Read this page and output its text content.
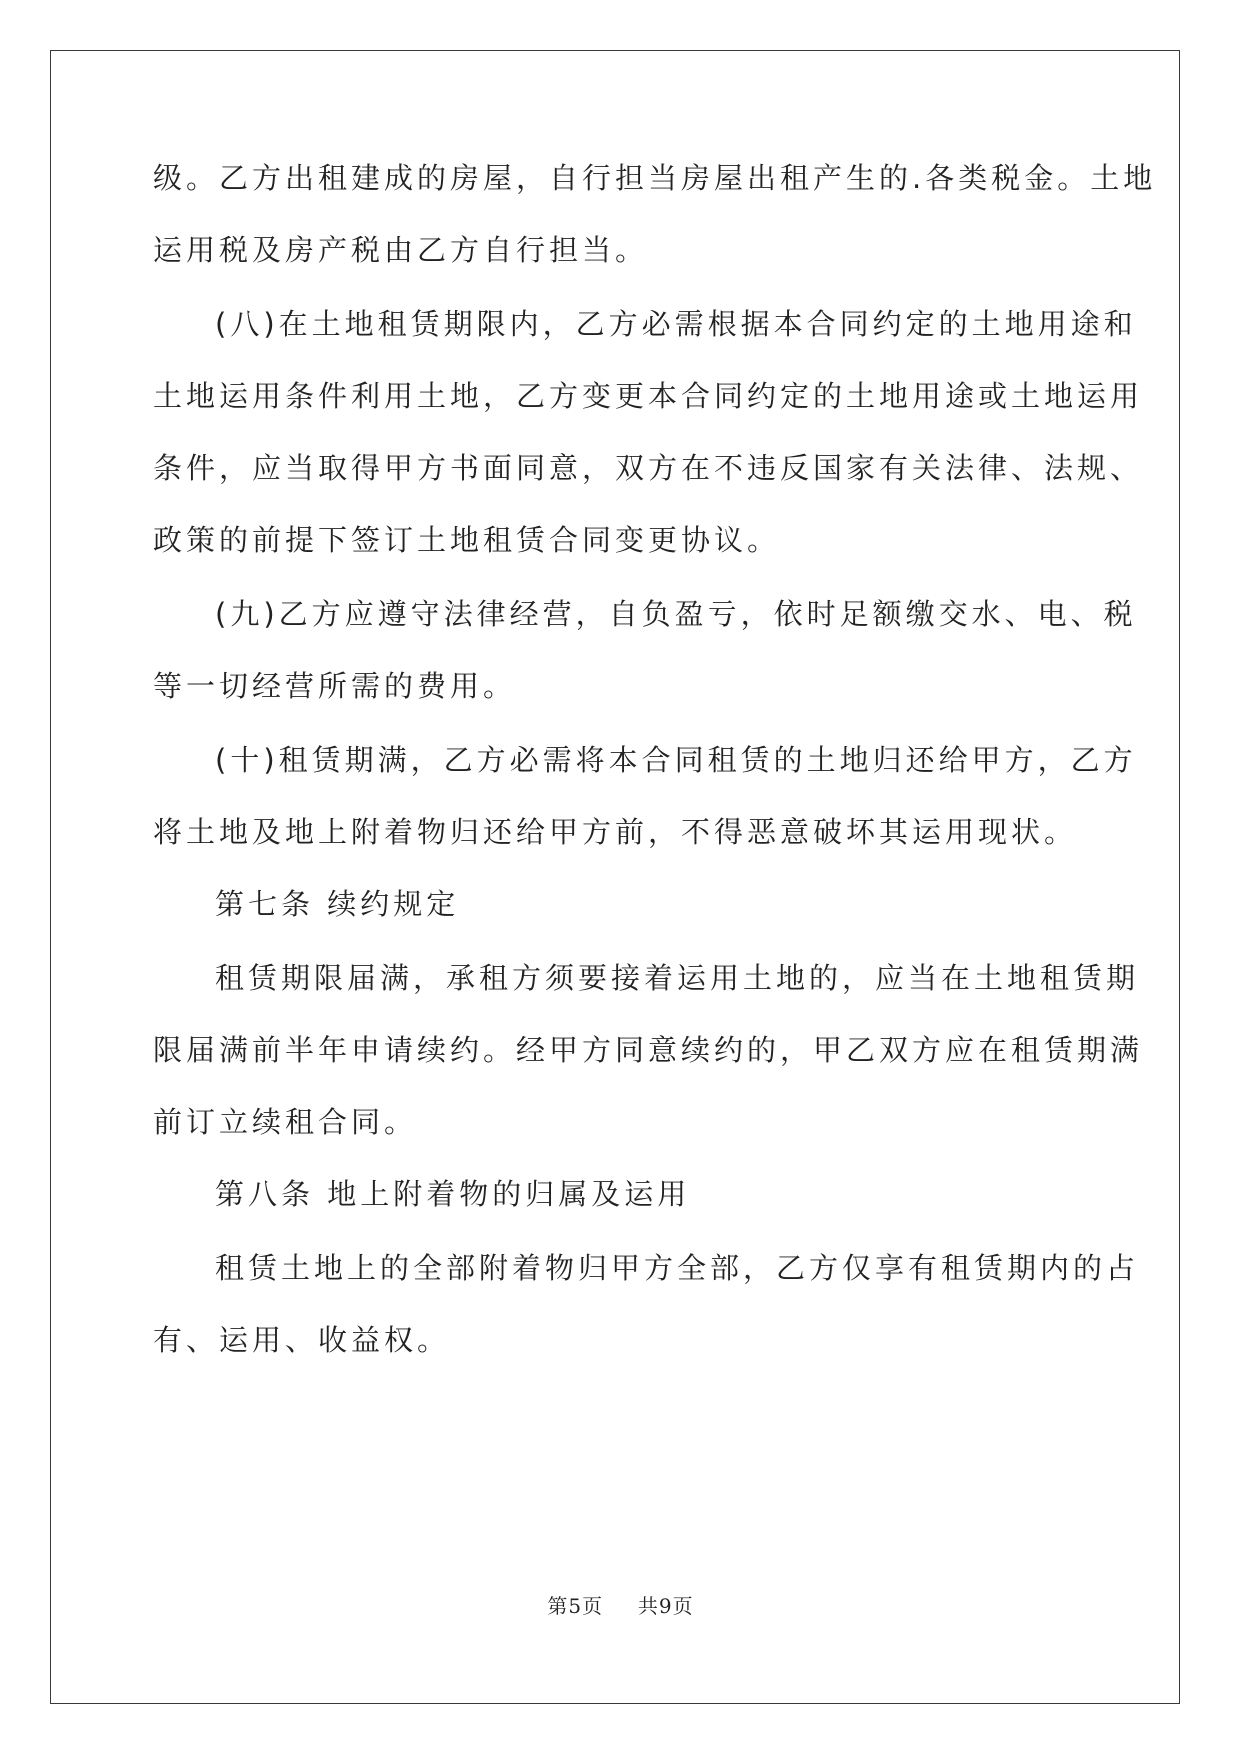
级。乙方出租建成的房屋，自行担当房屋出租产生的.各类税金。土地
运用税及房产税由乙方自行担当。
(八)在土地租赁期限内，乙方必需根据本合同约定的土地用途和
土地运用条件利用土地，乙方变更本合同约定的土地用途或土地运用
条件，应当取得甲方书面同意，双方在不违反国家有关法律、法规、
政策的前提下签订土地租赁合同变更协议。
(九)乙方应遵守法律经营，自负盈亏，依时足额缴交水、电、税
等一切经营所需的费用。
(十)租赁期满，乙方必需将本合同租赁的土地归还给甲方，乙方
将土地及地上附着物归还给甲方前，不得恶意破坏其运用现状。
第七条 续约规定
租赁期限届满，承租方须要接着运用土地的，应当在土地租赁期
限届满前半年申请续约。经甲方同意续约的，甲乙双方应在租赁期满
前订立续租合同。
第八条 地上附着物的归属及运用
租赁土地上的全部附着物归甲方全部，乙方仅享有租赁期内的占
有、运用、收益权。
第5页 共9页
